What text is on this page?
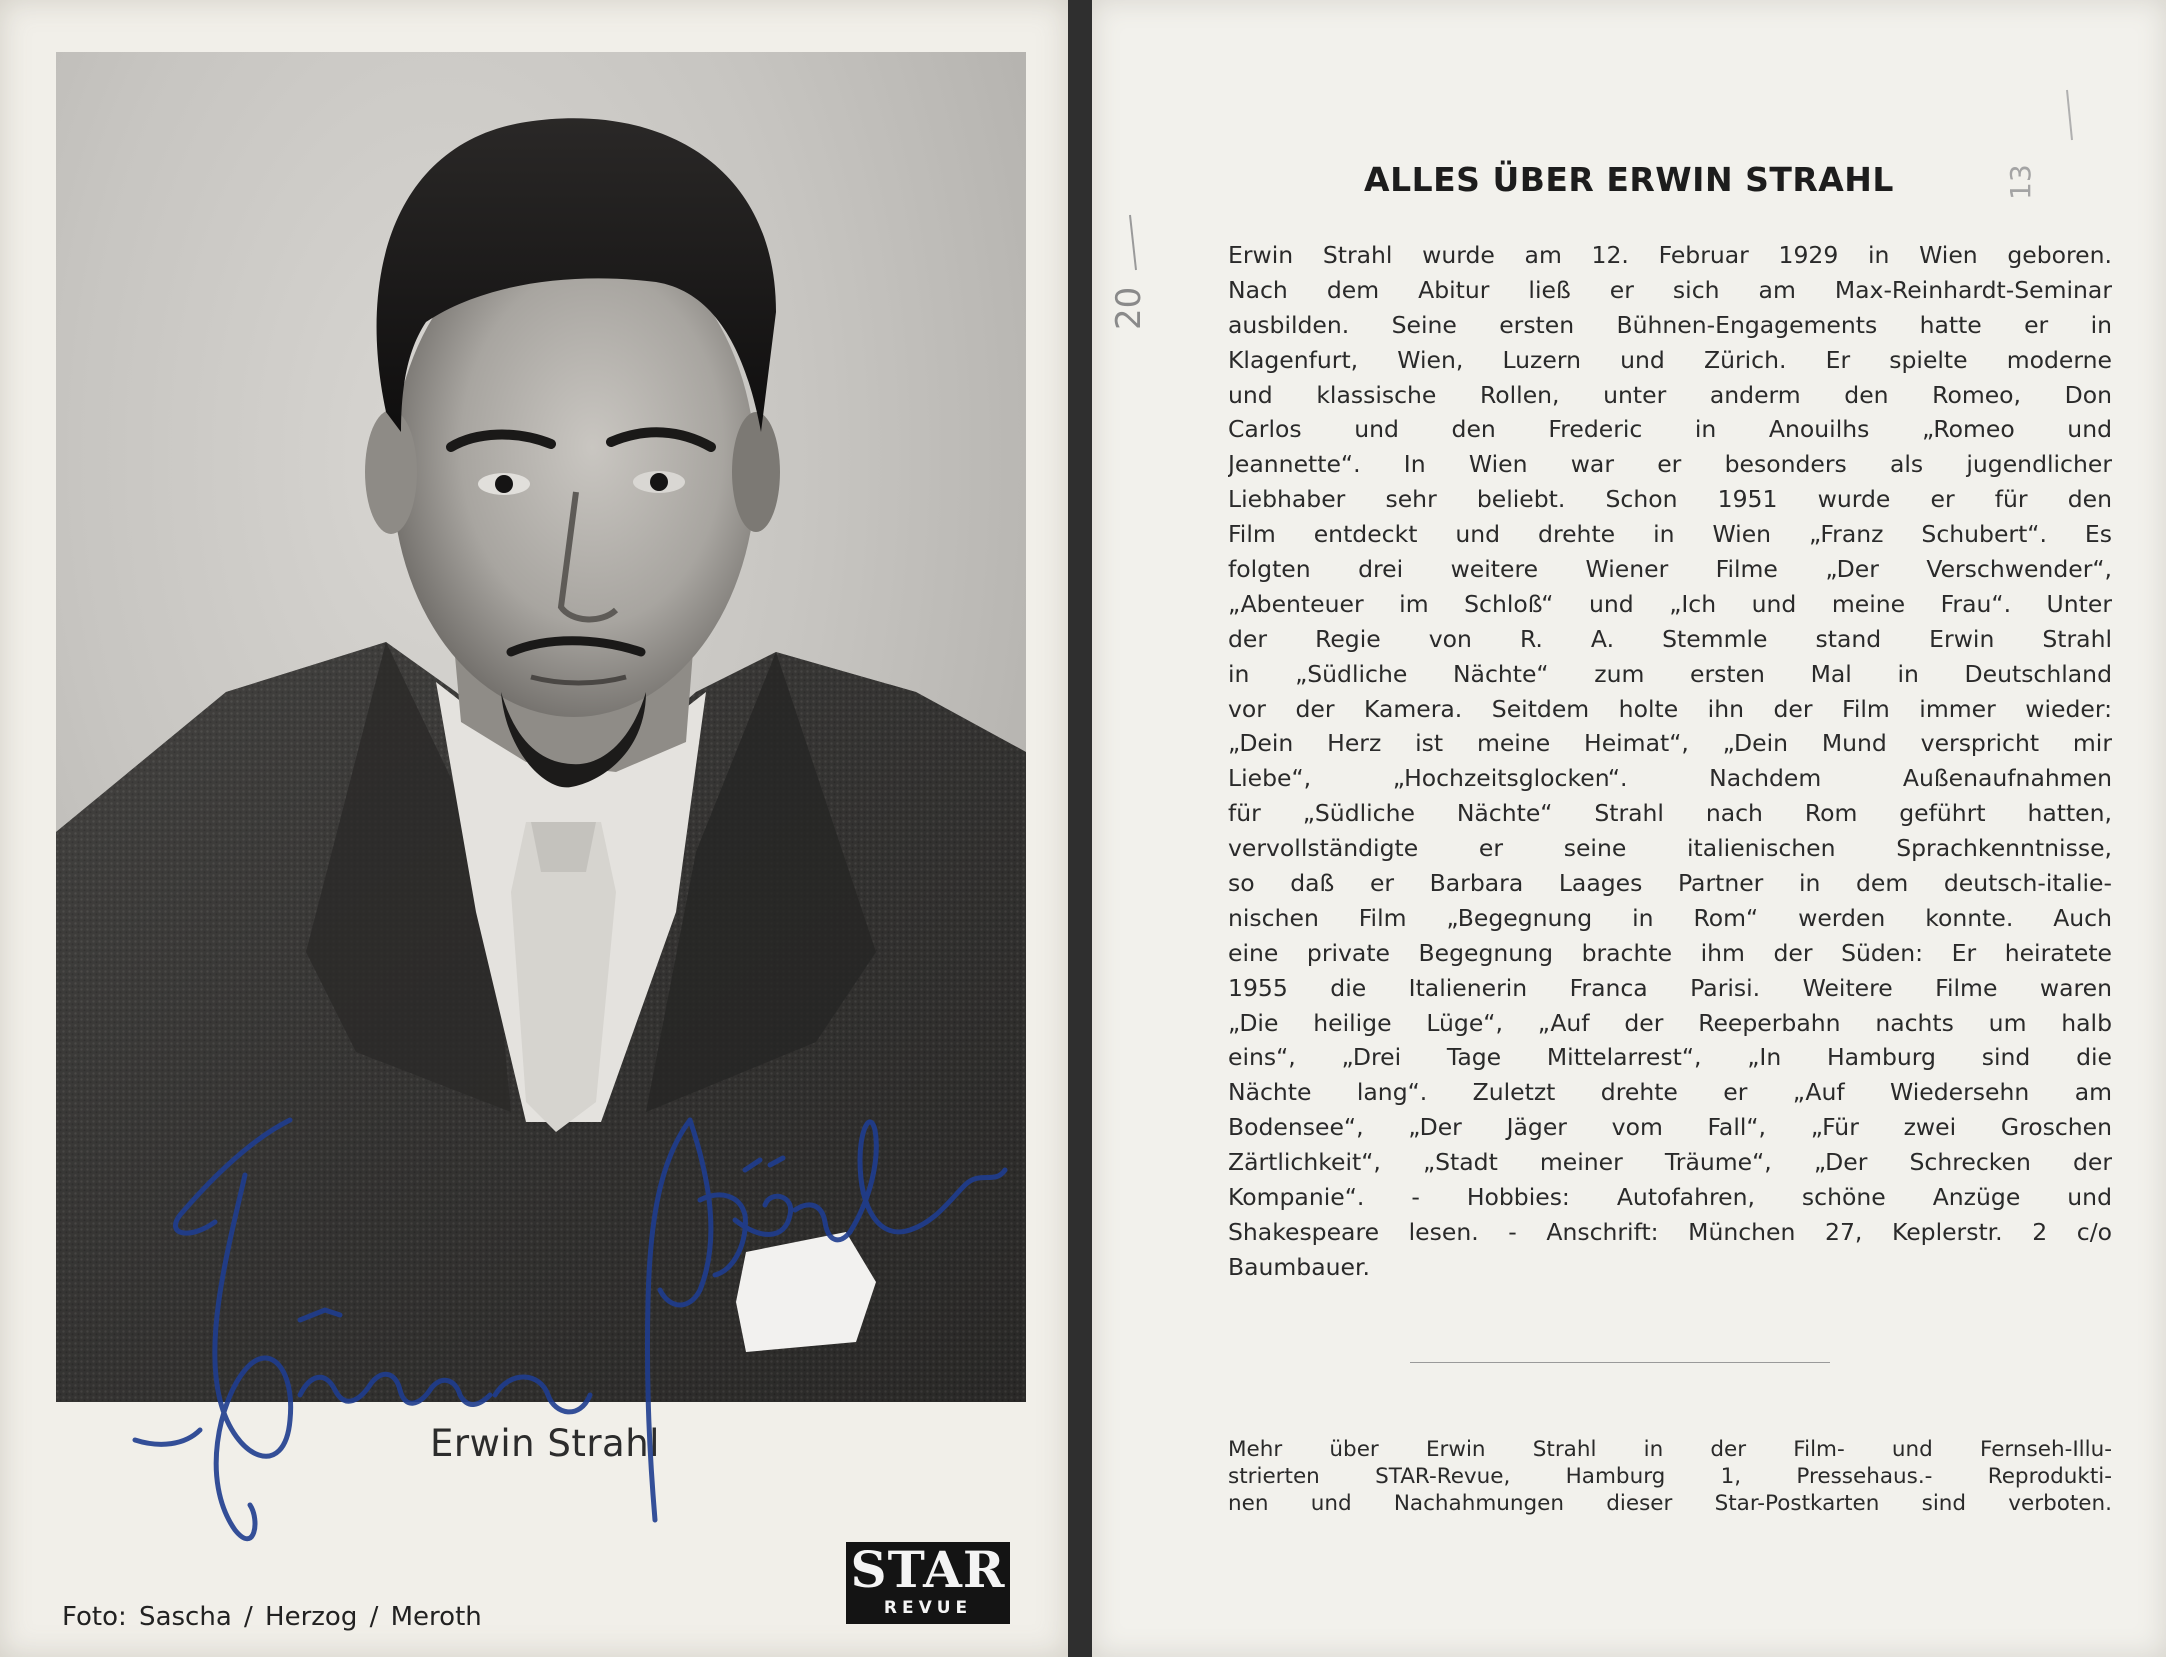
Erwin Strahl
Foto: Sascha / Herzog / Meroth
STAR
REVUE
ALLES ÜBER ERWIN STRAHL
Erwin Strahl wurde am 12. Februar 1929 in Wien geboren.
Nach dem Abitur ließ er sich am Max-Reinhardt-Seminar
ausbilden. Seine ersten Bühnen-Engagements hatte er in
Klagenfurt, Wien, Luzern und Zürich. Er spielte moderne
und klassische Rollen, unter anderm den Romeo, Don
Carlos und den Frederic in Anouilhs „Romeo und
Jeannette“. In Wien war er besonders als jugendlicher
Liebhaber sehr beliebt. Schon 1951 wurde er für den
Film entdeckt und drehte in Wien „Franz Schubert“. Es
folgten drei weitere Wiener Filme „Der Verschwender“,
„Abenteuer im Schloß“ und „Ich und meine Frau“. Unter
der Regie von R. A. Stemmle stand Erwin Strahl
in „Südliche Nächte“ zum ersten Mal in Deutschland
vor der Kamera. Seitdem holte ihn der Film immer wieder:
„Dein Herz ist meine Heimat“, „Dein Mund verspricht mir
Liebe“, „Hochzeitsglocken“. Nachdem Außenaufnahmen
für „Südliche Nächte“ Strahl nach Rom geführt hatten,
vervollständigte er seine italienischen Sprachkenntnisse,
so daß er Barbara Laages Partner in dem deutsch-italie-
nischen Film „Begegnung in Rom“ werden konnte. Auch
eine private Begegnung brachte ihm der Süden: Er heiratete
1955 die Italienerin Franca Parisi. Weitere Filme waren
„Die heilige Lüge“, „Auf der Reeperbahn nachts um halb
eins“, „Drei Tage Mittelarrest“, „In Hamburg sind die
Nächte lang“. Zuletzt drehte er „Auf Wiedersehn am
Bodensee“, „Der Jäger vom Fall“, „Für zwei Groschen
Zärtlichkeit“, „Stadt meiner Träume“, „Der Schrecken der
Kompanie“. - Hobbies: Autofahren, schöne Anzüge und
Shakespeare lesen. - Anschrift: München 27, Keplerstr. 2 c/o
Baumbauer.
Mehr über Erwin Strahl in der Film- und Fernseh-Illu-
strierten STAR-Revue, Hamburg 1, Pressehaus.- Reprodukti-
nen und Nachahmungen dieser Star-Postkarten sind verboten.
20
13
